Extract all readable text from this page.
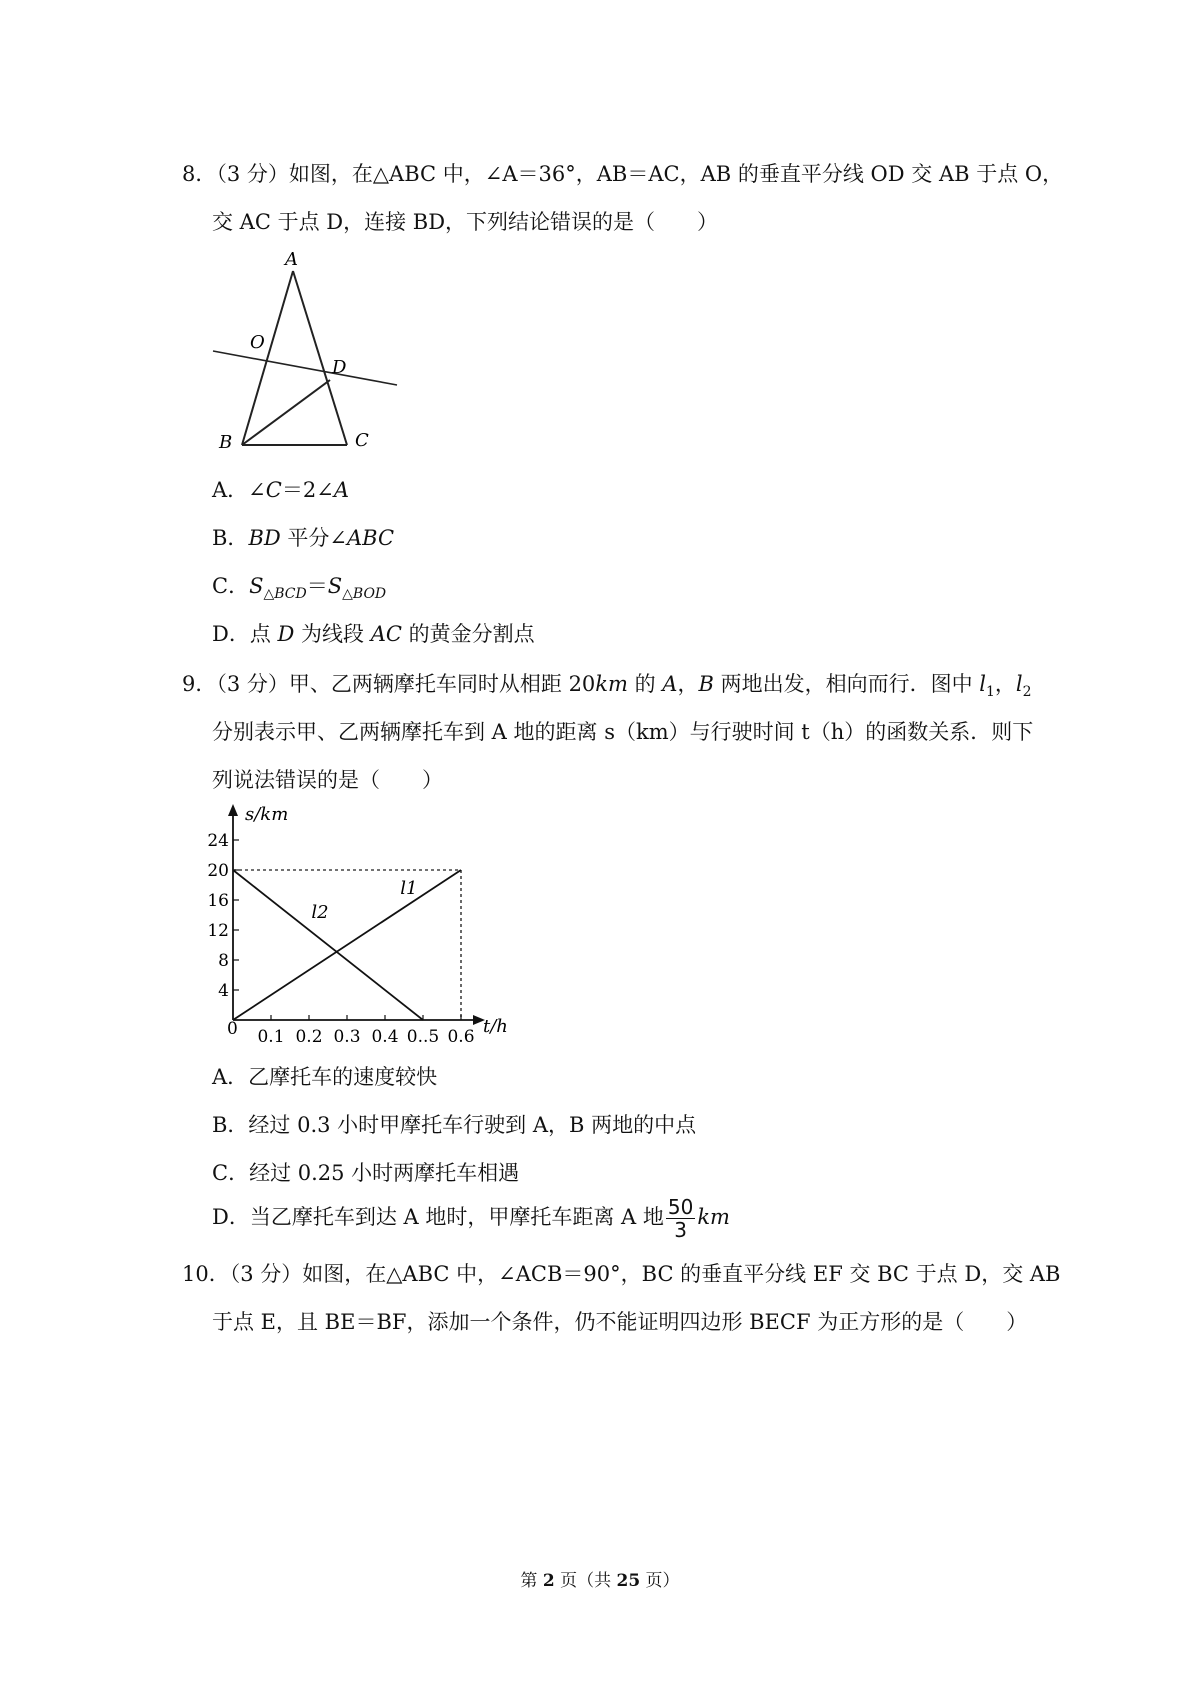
8．（3 分）如图，在△ABC 中，∠A＝36°，AB＝AC，AB 的垂直平分线 OD 交 AB 于点 O，
交 AC 于点 D，连接 BD，下列结论错误的是（　　）
A
O
D
B	C
A．∠C＝2∠A
B．BD 平分∠ABC
C．$S_{\triangle BCD}=S_{\triangle BOD}$
D．点 D 为线段 AC 的黄金分割点
9．（3 分）甲、乙两辆摩托车同时从相距 20km 的 A，B 两地出发，相向而行．图中 $l_1$，$l_2$
分别表示甲、乙两辆摩托车到 A 地的距离 s（km）与行驶时间 t（h）的函数关系．则下
列说法错误的是（　　）
0.1 0.2 0.3 0.4 0..5 0.6
4
8
12
16
20
24
l1
l2
s/km
t/h
0
A．乙摩托车的速度较快
B．经过 0.3 小时甲摩托车行驶到 A，B 两地的中点
C．经过 0.25 小时两摩托车相遇
D．当乙摩托车到达 A 地时，甲摩托车距离 A 地 $\frac{50}{3}$ km
10．（3 分）如图，在△ABC 中，∠ACB＝90°，BC 的垂直平分线 EF 交 BC 于点 D，交 AB
于点 E，且 BE＝BF，添加一个条件，仍不能证明四边形 BECF 为正方形的是（　　）
第 2 页（共 25 页）
